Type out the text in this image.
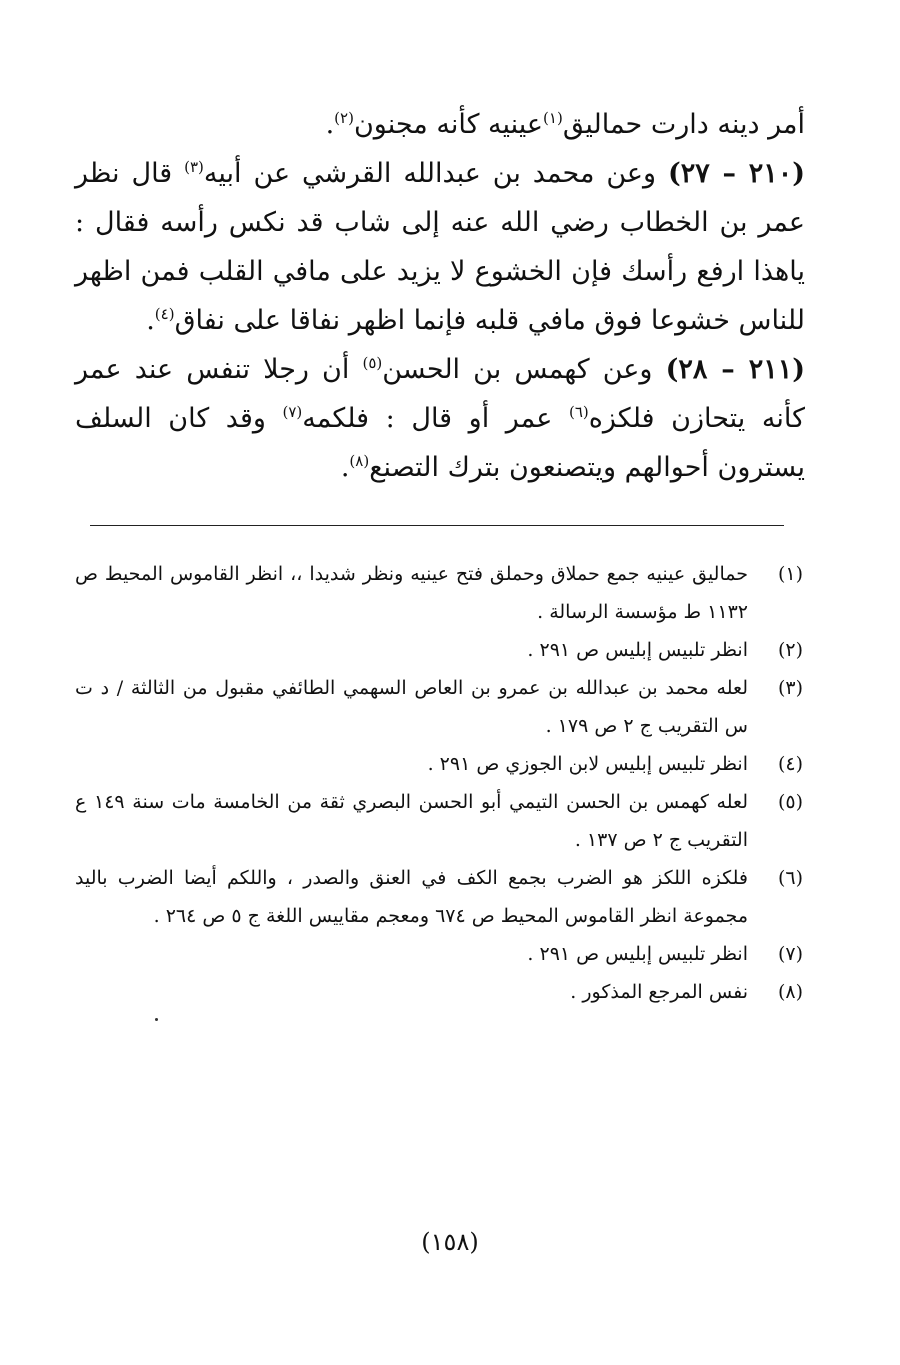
أمر دينه دارت حماليق$^{(١)}$عينيه كأنه مجنون$^{(٢)}$.

(٢١٠ – ٢٧) وعن محمد بن عبدالله القرشي عن أبيه$^{(٣)}$ قال نظر عمر بن الخطاب رضي الله عنه إلى شاب قد نكس رأسه فقال : ياهذا ارفع رأسك فإن الخشوع لا يزيد على مافي القلب فمن اظهر للناس خشوعا فوق مافي قلبه فإنما اظهر نفاقا على نفاق$^{(٤)}$.

(٢١١ – ٢٨) وعن كهمس بن الحسن$^{(٥)}$ أن رجلا تنفس عند عمر كأنه يتحازن فلكزه$^{(٦)}$ عمر أو قال : فلكمه$^{(٧)}$ وقد كان السلف يسترون أحوالهم ويتصنعون بترك التصنع$^{(٨)}$.

(١)
حماليق عينيه جمع حملاق وحملق فتح عينيه ونظر شديدا ،، انظر القاموس المحيط ص ١١٣٢ ط مؤسسة الرسالة .
(٢)
انظر تلبيس إبليس ص ٢٩١ .
(٣)
لعله محمد بن عبدالله بن عمرو بن العاص السهمي الطائفي مقبول من الثالثة / د ت س التقريب ج ٢ ص ١٧٩ .
(٤)
انظر تلبيس إبليس لابن الجوزي ص ٢٩١ .
(٥)
لعله كهمس بن الحسن التيمي أبو الحسن البصري ثقة من الخامسة مات سنة ١٤٩ ع التقريب ج ٢ ص ١٣٧ .
(٦)
فلكزه اللكز هو الضرب بجمع الكف في العنق والصدر ، واللكم أيضا الضرب باليد مجموعة انظر القاموس المحيط ص ٦٧٤ ومعجم مقاييس اللغة ج ٥ ص ٢٦٤ .
(٧)
انظر تلبيس إبليس ص ٢٩١ .
(٨)
نفس المرجع المذكور .
(١٥٨)
